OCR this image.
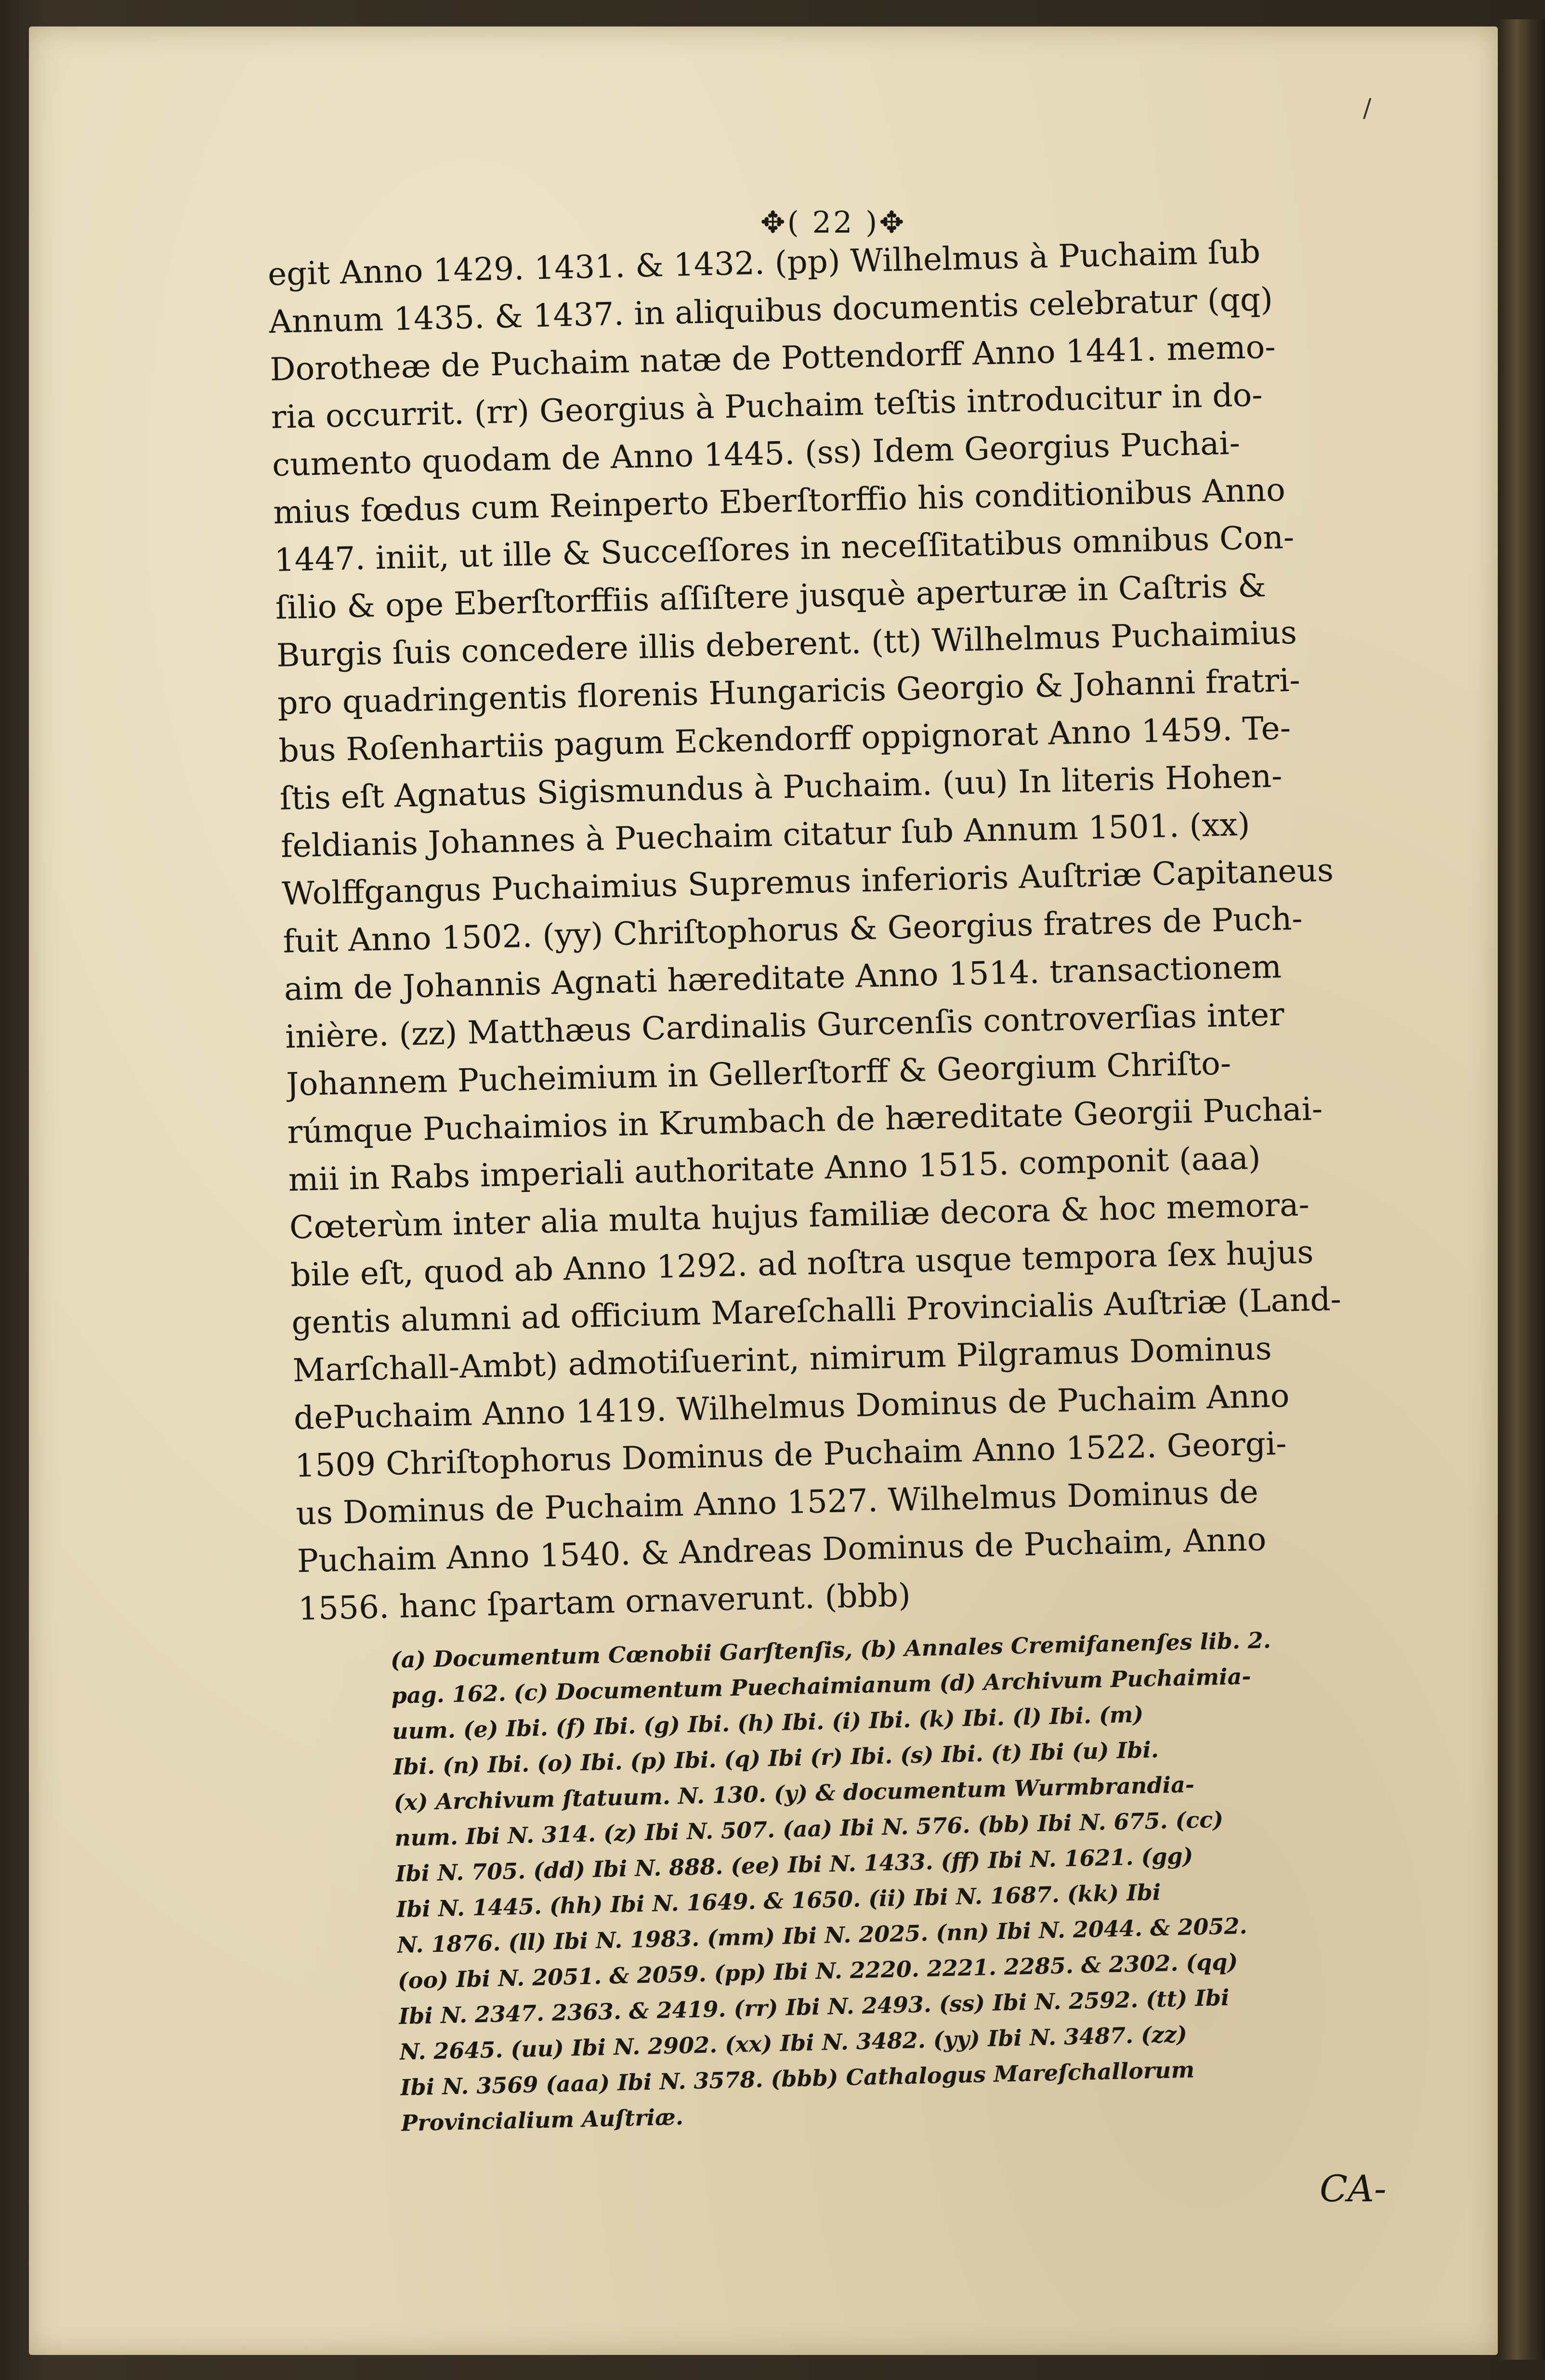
/
✥( 22 )✥
egit Anno 1429. 1431. & 1432. (pp) Wilhelmus à Puchaim ſub
Annum 1435. & 1437. in aliquibus documentis celebratur (qq)
Dorotheæ de Puchaim natæ de Pottendorff Anno 1441. memo-
ria occurrit. (rr) Georgius à Puchaim teſtis introducitur in do-
cumento quodam de Anno 1445. (ss) Idem Georgius Puchai-
mius fœdus cum Reinperto Eberſtorffio his conditionibus Anno
1447. iniit, ut ille & Succeſſores in neceſſitatibus omnibus Con-
ſilio & ope Eberſtorffiis aſſiſtere jusquè aperturæ in Caſtris &
Burgis ſuis concedere illis deberent. (tt) Wilhelmus Puchaimius
pro quadringentis florenis Hungaricis Georgio & Johanni fratri-
bus Roſenhartiis pagum Eckendorff oppignorat Anno 1459. Te-
ſtis eſt Agnatus Sigismundus à Puchaim. (uu) In literis Hohen-
feldianis Johannes à Puechaim citatur ſub Annum 1501. (xx)
Wolffgangus Puchaimius Supremus inferioris Auſtriæ Capitaneus
fuit Anno 1502. (yy) Chriſtophorus & Georgius fratres de Puch-
aim de Johannis Agnati hæreditate Anno 1514. transactionem
inière. (zz) Matthæus Cardinalis Gurcenſis controverſias inter
Johannem Pucheimium in Gellerſtorff & Georgium Chriſto-
rúmque Puchaimios in Krumbach de hæreditate Georgii Puchai-
mii in Rabs imperiali authoritate Anno 1515. componit (aaa)
Cœterùm inter alia multa hujus familiæ decora & hoc memora-
bile eſt, quod ab Anno 1292. ad noſtra usque tempora ſex hujus
gentis alumni ad officium Mareſchalli Provincialis Auſtriæ (Land-
Marſchall-Ambt) admotiſuerint, nimirum Pilgramus Dominus
dePuchaim Anno 1419. Wilhelmus Dominus de Puchaim Anno
1509 Chriſtophorus Dominus de Puchaim Anno 1522. Georgi-
us Dominus de Puchaim Anno 1527. Wilhelmus Dominus de
Puchaim Anno 1540. & Andreas Dominus de Puchaim, Anno
1556. hanc ſpartam ornaverunt. (bbb)
(a) Documentum Cœnobii Garſtenſis, (b) Annales Cremifanenſes lib. 2.
pag. 162. (c) Documentum Puechaimianum (d) Archivum Puchaimia-
uum. (e) Ibi. (f) Ibi. (g) Ibi. (h) Ibi. (i) Ibi. (k) Ibi. (l) Ibi. (m)
Ibi. (n) Ibi. (o) Ibi. (p) Ibi. (q) Ibi (r) Ibi. (s) Ibi. (t) Ibi (u) Ibi.
(x) Archivum ſtatuum. N. 130. (y) & documentum Wurmbrandia-
num. Ibi N. 314. (z) Ibi N. 507. (aa) Ibi N. 576. (bb) Ibi N. 675. (cc)
Ibi N. 705. (dd) Ibi N. 888. (ee) Ibi N. 1433. (ff) Ibi N. 1621. (gg)
Ibi N. 1445. (hh) Ibi N. 1649. & 1650. (ii) Ibi N. 1687. (kk) Ibi
N. 1876. (ll) Ibi N. 1983. (mm) Ibi N. 2025. (nn) Ibi N. 2044. & 2052.
(oo) Ibi N. 2051. & 2059. (pp) Ibi N. 2220. 2221. 2285. & 2302. (qq)
Ibi N. 2347. 2363. & 2419. (rr) Ibi N. 2493. (ss) Ibi N. 2592. (tt) Ibi
N. 2645. (uu) Ibi N. 2902. (xx) Ibi N. 3482. (yy) Ibi N. 3487. (zz)
Ibi N. 3569 (aaa) Ibi N. 3578. (bbb) Cathalogus Mareſchallorum
Provincialium Auſtriæ.
CA-
